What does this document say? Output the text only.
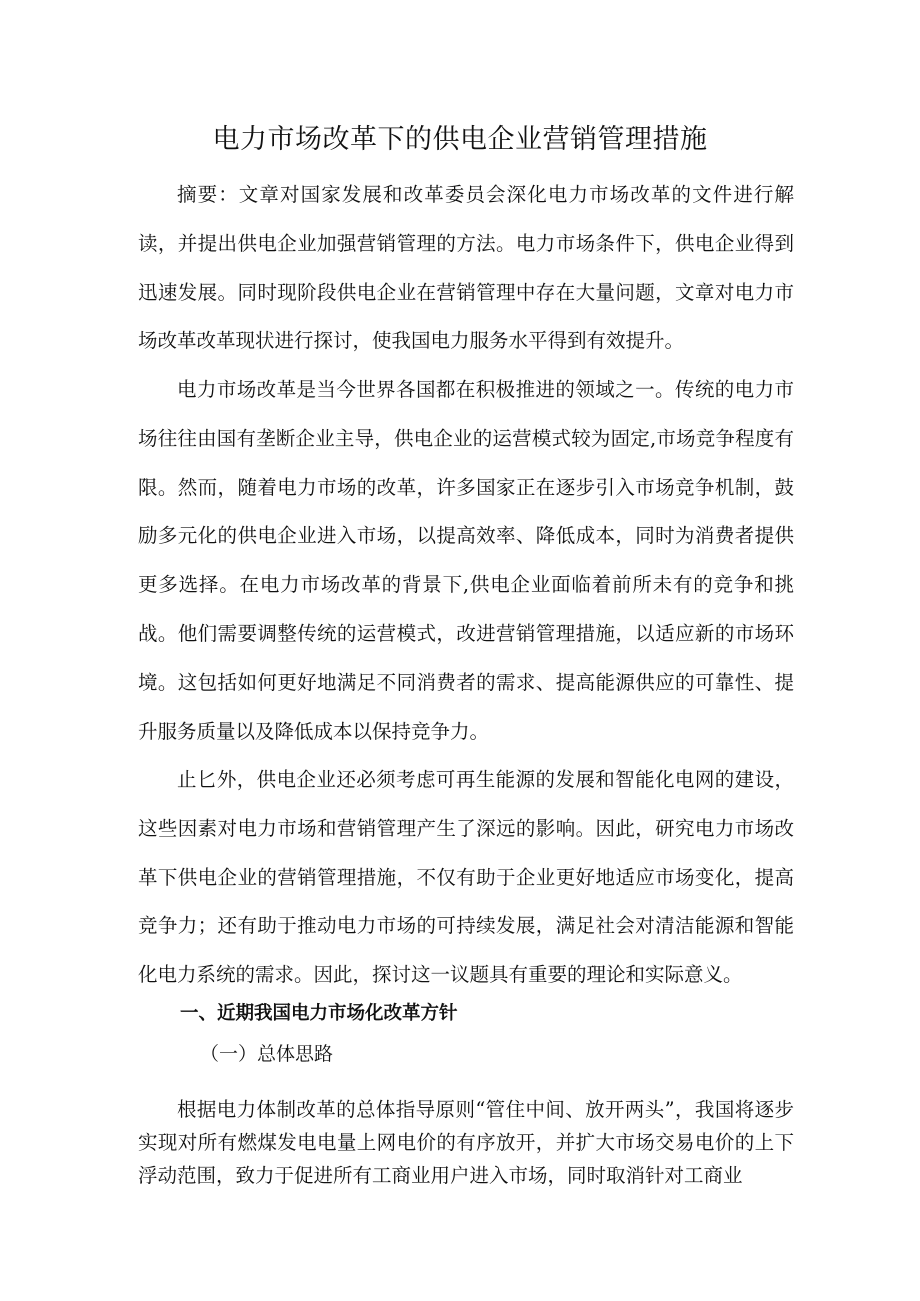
电力市场改革下的供电企业营销管理措施

摘要：文章对国家发展和改革委员会深化电力市场改革的文件进行解读，并提出供电企业加强营销管理的方法。电力市场条件下，供电企业得到迅速发展。同时现阶段供电企业在营销管理中存在大量问题，文章对电力市场改革改革现状进行探讨，使我国电力服务水平得到有效提升。

电力市场改革是当今世界各国都在积极推进的领域之一。传统的电力市场往往由国有垄断企业主导，供电企业的运营模式较为固定,市场竞争程度有限。然而，随着电力市场的改革，许多国家正在逐步引入市场竞争机制，鼓励多元化的供电企业进入市场，以提高效率、降低成本，同时为消费者提供更多选择。在电力市场改革的背景下,供电企业面临着前所未有的竞争和挑战。他们需要调整传统的运营模式，改进营销管理措施，以适应新的市场环境。这包括如何更好地满足不同消费者的需求、提高能源供应的可靠性、提升服务质量以及降低成本以保持竞争力。

止匕外，供电企业还必须考虑可再生能源的发展和智能化电网的建设，这些因素对电力市场和营销管理产生了深远的影响。因此，研究电力市场改革下供电企业的营销管理措施，不仅有助于企业更好地适应市场变化，提高竞争力；还有助于推动电力市场的可持续发展，满足社会对清洁能源和智能化电力系统的需求。因此，探讨这一议题具有重要的理论和实际意义。

一、近期我国电力市场化改革方针
（一）总体思路

根据电力体制改革的总体指导原则“管住中间、放开两头”，我国将逐步实现对所有燃煤发电电量上网电价的有序放开，并扩大市场交易电价的上下浮动范围，致力于促进所有工商业用户进入市场，同时取消针对工商业
